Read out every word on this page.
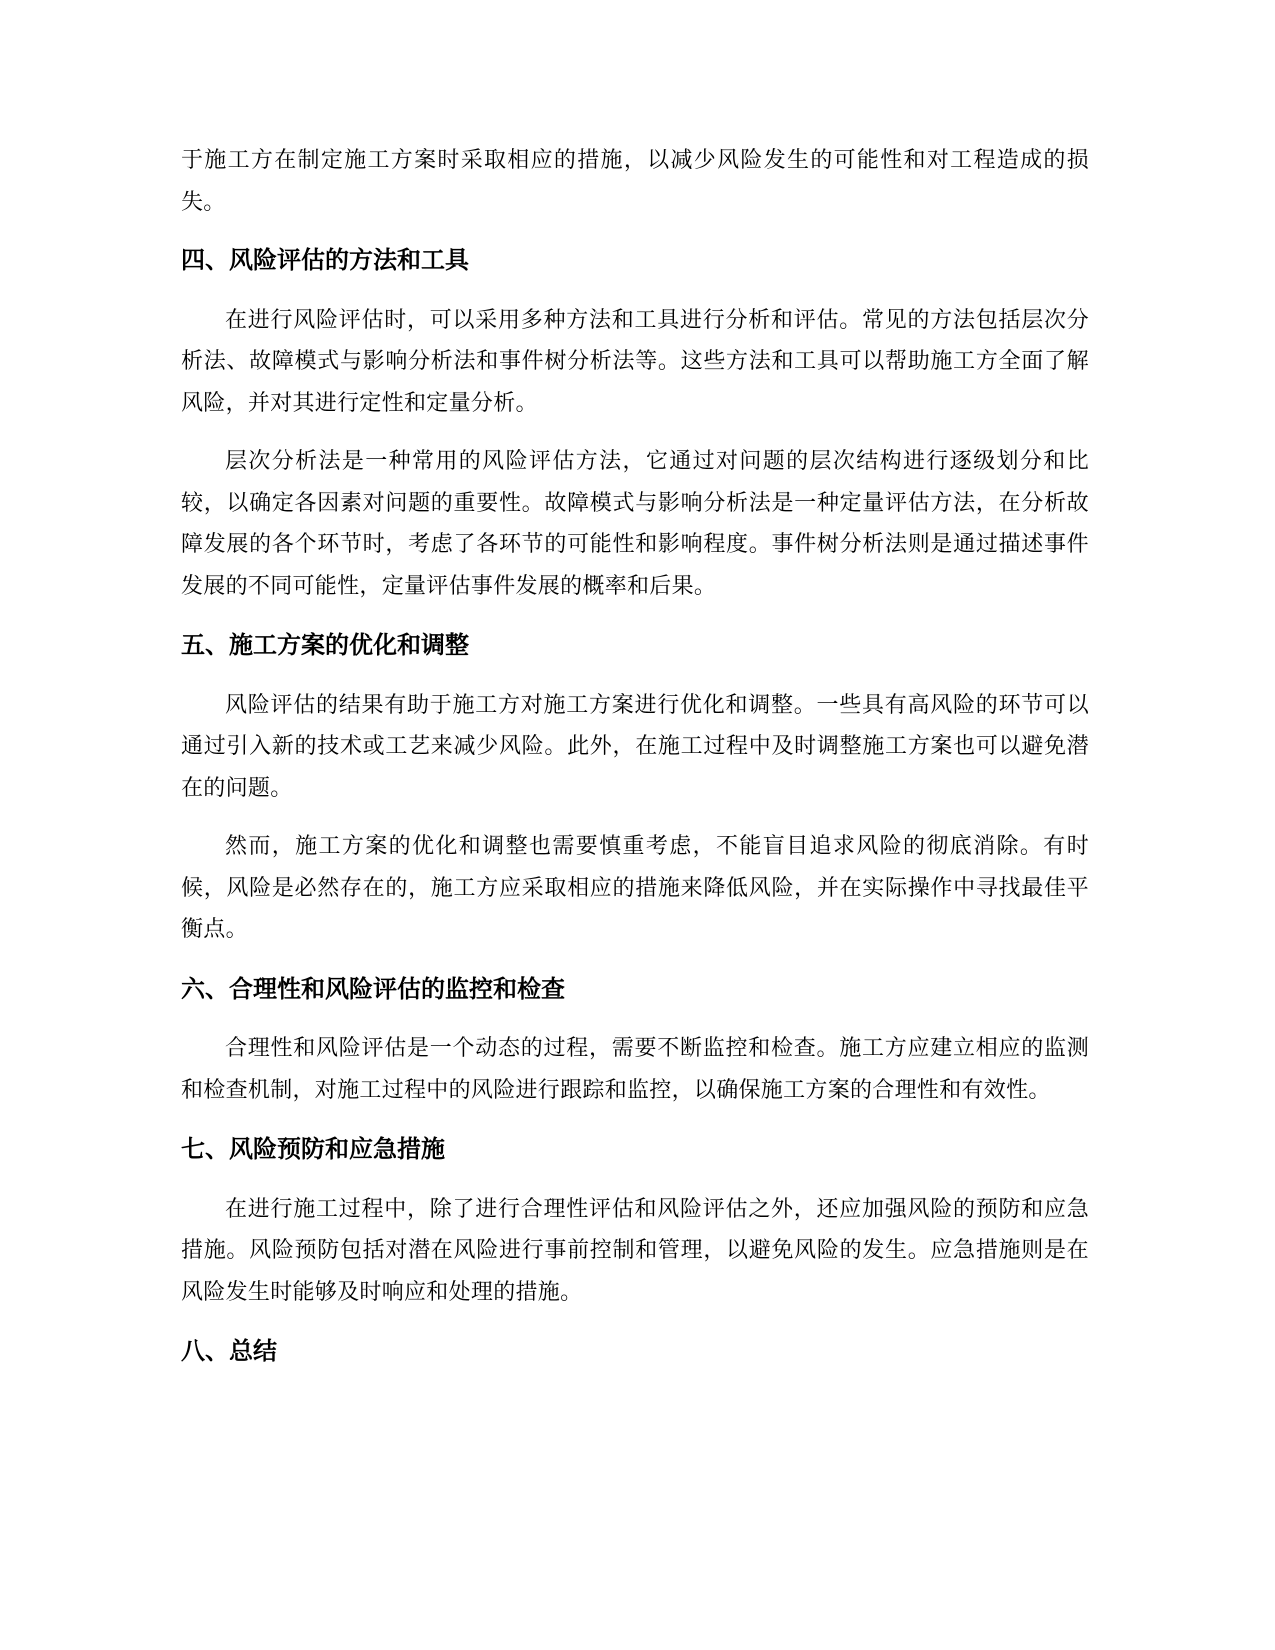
于施工方在制定施工方案时采取相应的措施，以减少风险发生的可能性和对工程造成的损失。

四、风险评估的方法和工具

在进行风险评估时，可以采用多种方法和工具进行分析和评估。常见的方法包括层次分析法、故障模式与影响分析法和事件树分析法等。这些方法和工具可以帮助施工方全面了解风险，并对其进行定性和定量分析。

层次分析法是一种常用的风险评估方法，它通过对问题的层次结构进行逐级划分和比较，以确定各因素对问题的重要性。故障模式与影响分析法是一种定量评估方法，在分析故障发展的各个环节时，考虑了各环节的可能性和影响程度。事件树分析法则是通过描述事件发展的不同可能性，定量评估事件发展的概率和后果。

五、施工方案的优化和调整

风险评估的结果有助于施工方对施工方案进行优化和调整。一些具有高风险的环节可以通过引入新的技术或工艺来减少风险。此外，在施工过程中及时调整施工方案也可以避免潜在的问题。

然而，施工方案的优化和调整也需要慎重考虑，不能盲目追求风险的彻底消除。有时候，风险是必然存在的，施工方应采取相应的措施来降低风险，并在实际操作中寻找最佳平衡点。

六、合理性和风险评估的监控和检查

合理性和风险评估是一个动态的过程，需要不断监控和检查。施工方应建立相应的监测和检查机制，对施工过程中的风险进行跟踪和监控，以确保施工方案的合理性和有效性。

七、风险预防和应急措施

在进行施工过程中，除了进行合理性评估和风险评估之外，还应加强风险的预防和应急措施。风险预防包括对潜在风险进行事前控制和管理，以避免风险的发生。应急措施则是在风险发生时能够及时响应和处理的措施。

八、总结
